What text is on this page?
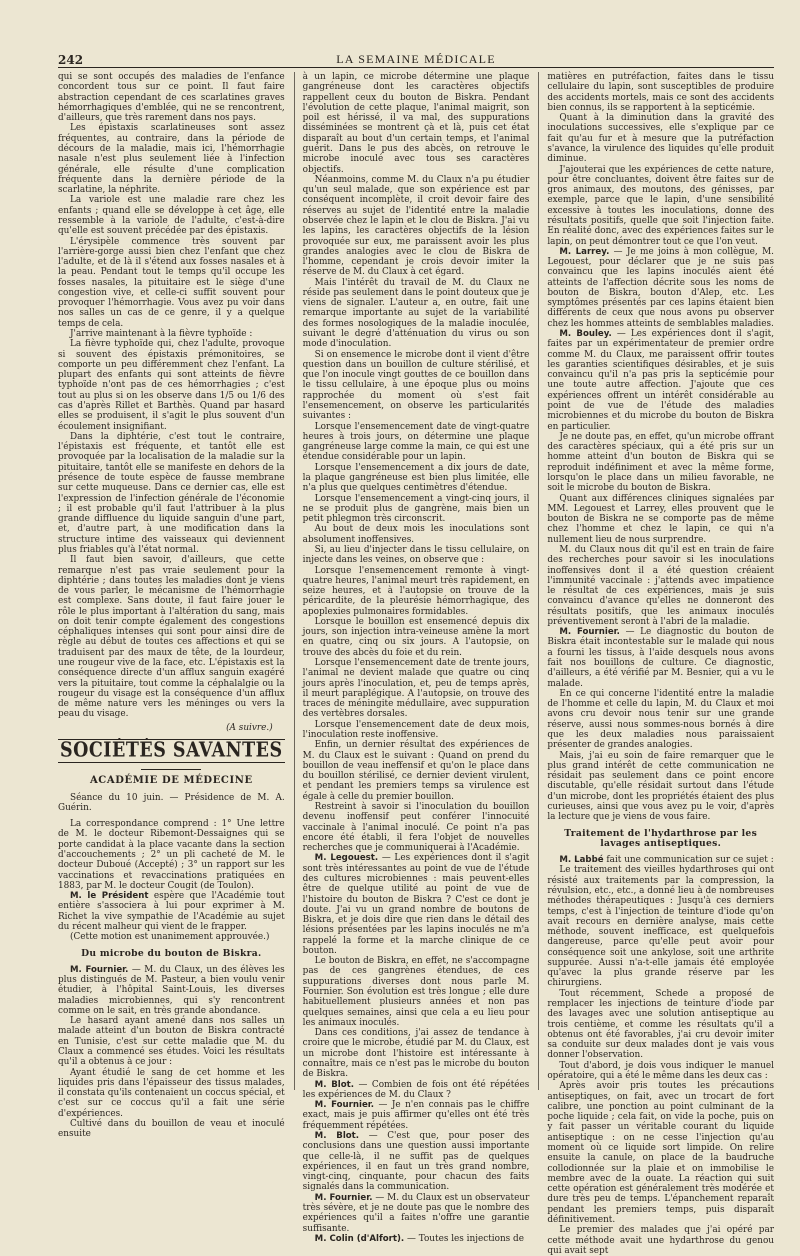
242	LA SEMAINE MÉDICALE

qui se sont occupés des maladies de l'enfance concordent tous sur ce point. Il faut faire abstraction cependant de ces scarlatines graves hémorrhagiques d'emblée, qui ne se rencontrent, d'ailleurs, que très rarement dans nos pays.

Les épistaxis scarlatineuses sont assez fréquentes, au contraire, dans la période de décours de la maladie, mais ici, l'hémorrhagie nasale n'est plus seulement liée à l'infection générale, elle résulte d'une complication fréquente dans la dernière période de la scarlatine, la néphrite.

La variole est une maladie rare chez les enfants ; quand elle se développe à cet âge, elle ressemble à la variole de l'adulte, c'est-à-dire qu'elle est souvent précédée par des épistaxis.

L'érysipèle commence très souvent par l'arrière-gorge aussi bien chez l'enfant que chez l'adulte, et de là il s'étend aux fosses nasales et à la peau. Pendant tout le temps qu'il occupe les fosses nasales, la pituitaire est le siège d'une congestion vive, et celle-ci suffit souvent pour provoquer l'hémorrhagie. Vous avez pu voir dans nos salles un cas de ce genre, il y a quelque temps de cela.

J'arrive maintenant à la fièvre typhoïde :

La fièvre typhoïde qui, chez l'adulte, provoque si souvent des épistaxis prémonitoires, se comporte un peu différemment chez l'enfant. La plupart des enfants qui sont atteints de fièvre typhoïde n'ont pas de ces hémorrhagies ; c'est tout au plus si on les observe dans 1/5 ou 1/6 des cas d'après Rillet et Barthès. Quand par hasard elles se produisent, il s'agit le plus souvent d'un écoulement insignifiant.

Dans la diphtérie, c'est tout le contraire, l'épistaxis est fréquente, et tantôt elle est provoquée par la localisation de la maladie sur la pituitaire, tantôt elle se manifeste en dehors de la présence de toute espèce de fausse membrane sur cette muqueuse. Dans ce dernier cas, elle est l'expression de l'infection générale de l'économie ; il est probable qu'il faut l'attribuer à la plus grande diffluence du liquide sanguin d'une part, et, d'autre part, à une modification dans la structure intime des vaisseaux qui deviennent plus friables qu'à l'état normal.

Il faut bien savoir, d'ailleurs, que cette remarque n'est pas vraie seulement pour la diphtérie ; dans toutes les maladies dont je viens de vous parler, le mécanisme de l'hémorrhagie est complexe. Sans doute, il faut faire jouer le rôle le plus important à l'altération du sang, mais on doit tenir compte également des congestions céphaliques intenses qui sont pour ainsi dire de règle au début de toutes ces affections et qui se traduisent par des maux de tête, de la lourdeur, une rougeur vive de la face, etc. L'épistaxis est la conséquence directe d'un afflux sanguin exagéré vers la pituitaire, tout comme la céphalalgie ou la rougeur du visage est la conséquence d'un afflux de même nature vers les méninges ou vers la peau du visage.

(A suivre.)

SOCIÉTÉS SAVANTES

ACADÉMIE DE MÉDECINE

Séance du 10 juin. — Présidence de M. A. Guérin.

La correspondance comprend : 1° Une lettre de M. le docteur Ribemont-Dessaignes qui se porte candidat à la place vacante dans la section d'accouchements ; 2° un pli cacheté de M. le docteur Duboué (Accepté) ; 3° un rapport sur les vaccinations et revaccinations pratiquées en 1883, par M. le docteur Cougit (de Toulon).

M. le Président espère que l'Académie tout entière s'associera à lui pour exprimer à M. Richet la vive sympathie de l'Académie au sujet du récent malheur qui vient de le frapper.

(Cette motion est unanimement approuvée.)

Du microbe du bouton de Biskra.

M. Fournier. — M. du Claux, un des élèves les plus distingués de M. Pasteur, a bien voulu venir étudier, à l'hôpital Saint-Louis, les diverses maladies microbiennes, qui s'y rencontrent comme on le sait, en très grande abondance.

Le hasard ayant amené dans nos salles un malade atteint d'un bouton de Biskra contracté en Tunisie, c'est sur cette maladie que M. du Claux a commencé ses études. Voici les résultats qu'il a obtenus à ce jour :

Ayant étudié le sang de cet homme et les liquides pris dans l'épaisseur des tissus malades, il constata qu'ils contenaient un coccus spécial, et c'est sur ce coccus qu'il a fait une série d'expériences.

Cultivé dans du bouillon de veau et inoculé ensuite

à un lapin, ce microbe détermine une plaque gangréneuse dont les caractères objectifs rappellent ceux du bouton de Biskra. Pendant l'évolution de cette plaque, l'animal maigrit, son poil est hérissé, il va mal, des suppurations disséminées se montrent çà et là, puis cet état disparaît au bout d'un certain temps, et l'animal guérit. Dans le pus des abcès, on retrouve le microbe inoculé avec tous ses caractères objectifs.

Néanmoins, comme M. du Claux n'a pu étudier qu'un seul malade, que son expérience est par conséquent incomplète, il croit devoir faire des réserves au sujet de l'identité entre la maladie observée chez le lapin et le clou de Biskra. J'ai vu les lapins, les caractères objectifs de la lésion provoquée sur eux, me paraissent avoir les plus grandes analogies avec le clou de Biskra de l'homme, cependant je crois devoir imiter la réserve de M. du Claux à cet égard.

Mais l'intérêt du travail de M. du Claux ne réside pas seulement dans le point douteux que je viens de signaler. L'auteur a, en outre, fait une remarque importante au sujet de la variabilité des formes nosologiques de la maladie inoculée, suivant le degré d'atténuation du virus ou son mode d'inoculation.

Si on ensemence le microbe dont il vient d'être question dans un bouillon de culture stérilisé, et que l'on inocule vingt gouttes de ce bouillon dans le tissu cellulaire, à une époque plus ou moins rapprochée du moment où s'est fait l'ensemencement, on observe les particularités suivantes :

Lorsque l'ensemencement date de vingt-quatre heures à trois jours, on détermine une plaque gangréneuse large comme la main, ce qui est une étendue considérable pour un lapin.

Lorsque l'ensemencement a dix jours de date, la plaque gangréneuse est bien plus limitée, elle n'a plus que quelques centimètres d'étendue.

Lorsque l'ensemencement a vingt-cinq jours, il ne se produit plus de gangrène, mais bien un petit phlegmon très circonscrit.

Au bout de deux mois les inoculations sont absolument inoffensives.

Si, au lieu d'injecter dans le tissu cellulaire, on injecte dans les veines, on observe que :

Lorsque l'ensemencement remonte à vingt-quatre heures, l'animal meurt très rapidement, en seize heures, et à l'autopsie on trouve de la péricardite, de la pleurésie hémorrhagique, des apoplexies pulmonaires formidables.

Lorsque le bouillon est ensemencé depuis dix jours, son injection intra-veineuse amène la mort en quatre, cinq ou six jours. A l'autopsie, on trouve des abcès du foie et du rein.

Lorsque l'ensemencement date de trente jours, l'animal ne devient malade que quatre ou cinq jours après l'inoculation, et, peu de temps après, il meurt paraplégique. A l'autopsie, on trouve des traces de méningite médullaire, avec suppuration des vertèbres dorsales.

Lorsque l'ensemencement date de deux mois, l'inoculation reste inoffensive.

Enfin, un dernier résultat des expériences de M. du Claux est le suivant : Quand on prend du bouillon de veau ineffensif et qu'on le place dans du bouillon stérilisé, ce dernier devient virulent, et pendant les premiers temps sa virulence est égale à celle du premier bouillon.

Restreint à savoir si l'inoculation du bouillon devenu inoffensif peut conférer l'innocuité vaccinale à l'animal inoculé. Ce point n'a pas encore été établi, il fera l'objet de nouvelles recherches que je communiquerai à l'Académie.

M. Legouest. — Les expériences dont il s'agit sont très intéressantes au point de vue de l'étude des cultures microbiennes : mais peuvent-elles être de quelque utilité au point de vue de l'histoire du bouton de Biskra ? C'est ce dont je doute. J'ai vu un grand nombre de boutons de Biskra, et je dois dire que rien dans le détail des lésions présentées par les lapins inoculés ne m'a rappelé la forme et la marche clinique de ce bouton.

Le bouton de Biskra, en effet, ne s'accompagne pas de ces gangrènes étendues, de ces suppurations diverses dont nous parle M. Fournier. Son évolution est très longue ; elle dure habituellement plusieurs années et non pas quelques semaines, ainsi que cela a eu lieu pour les animaux inoculés.

Dans ces conditions, j'ai assez de tendance à croire que le microbe, étudié par M. du Claux, est un microbe dont l'histoire est intéressante à connaître, mais ce n'est pas le microbe du bouton de Biskra.

M. Blot. — Combien de fois ont été répétées les expériences de M. du Claux ?

M. Fournier. — Je n'en connais pas le chiffre exact, mais je puis affirmer qu'elles ont été très fréquemment répétées.

M. Blot. — C'est que, pour poser des conclusions dans une question aussi importante que celle-là, il ne suffit pas de quelques expériences, il en faut un très grand nombre, vingt-cinq, cinquante, pour chacun des faits signalés dans la communication.

M. Fournier. — M. du Claux est un observateur très sévère, et je ne doute pas que le nombre des expériences qu'il a faites n'offre une garantie suffisante.

M. Colin (d'Alfort). — Toutes les injections de

matières en putréfaction, faites dans le tissu cellulaire du lapin, sont susceptibles de produire des accidents mortels, mais ce sont des accidents bien connus, ils se rapportent à la septicémie.

Quant à la diminution dans la gravité des inoculations successives, elle s'explique par ce fait qu'au fur et à mesure que la putréfaction s'avance, la virulence des liquides qu'elle produit diminue.

J'ajouterai que les expériences de cette nature, pour être concluantes, doivent être faites sur de gros animaux, des moutons, des génisses, par exemple, parce que le lapin, d'une sensibilité excessive à toutes les inoculations, donne des résultats positifs, quelle que soit l'injection faite. En réalité donc, avec des expériences faites sur le lapin, on peut démontrer tout ce que l'on veut.

M. Larrey. — Je me joins à mon collègue, M. Legouest, pour déclarer que je ne suis pas convaincu que les lapins inoculés aient été atteints de l'affection décrite sous les noms de bouton de Biskra, bouton d'Alep, etc. Les symptômes présentés par ces lapins étaient bien différents de ceux que nous avons pu observer chez les hommes atteints de semblables maladies.

M. Bouley. — Les expériences dont il s'agit, faites par un expérimentateur de premier ordre comme M. du Claux, me paraissent offrir toutes les garanties scientifiques désirables, et je suis convaincu qu'il n'a pas pris la septicémie pour une toute autre affection. J'ajoute que ces expériences offrent un intérêt considérable au point de vue de l'étude des maladies microbiennes et du microbe du bouton de Biskra en particulier.

Je ne doute pas, en effet, qu'un microbe offrant des caractères spéciaux, qui a été pris sur un homme atteint d'un bouton de Biskra qui se reproduit indéfiniment et avec la même forme, lorsqu'on le place dans un milieu favorable, ne soit le microbe du bouton de Biskra.

Quant aux différences cliniques signalées par MM. Legouest et Larrey, elles prouvent que le bouton de Biskra ne se comporte pas de même chez l'homme et chez le lapin, ce qui n'a nullement lieu de nous surprendre.

M. du Claux nous dit qu'il est en train de faire des recherches pour savoir si les inoculations inoffensives dont il a été question créaient l'immunité vaccinale : j'attends avec impatience le résultat de ces expériences, mais je suis convaincu d'avance qu'elles ne donneront des résultats positifs, que les animaux inoculés préventivement seront à l'abri de la maladie.

M. Fournier. — Le diagnostic du bouton de Biskra était incontestable sur le malade qui nous a fourni les tissus, à l'aide desquels nous avons fait nos bouillons de culture. Ce diagnostic, d'ailleurs, a été vérifié par M. Besnier, qui a vu le malade.

En ce qui concerne l'identité entre la maladie de l'homme et celle du lapin, M. du Claux et moi avons cru devoir nous tenir sur une grande réserve, aussi nous sommes-nous bornés à dire que les deux maladies nous paraissaient présenter de grandes analogies.

Mais, j'ai eu soin de faire remarquer que le plus grand intérêt de cette communication ne résidait pas seulement dans ce point encore discutable, qu'elle résidait surtout dans l'étude d'un microbe, dont les propriétés étaient des plus curieuses, ainsi que vous avez pu le voir, d'après la lecture que je viens de vous faire.

Traitement de l'hydarthrose par les lavages antiseptiques.

M. Labbé fait une communication sur ce sujet :

Le traitement des vieilles hydarthroses qui ont résisté aux traitements par la compression, la révulsion, etc., etc., a donné lieu à de nombreuses méthodes thérapeutiques : Jusqu'à ces derniers temps, c'est à l'injection de teinture d'iode qu'on avait recours en dernière analyse, mais cette méthode, souvent inefficace, est quelquefois dangereuse, parce qu'elle peut avoir pour conséquence soit une ankylose, soit une arthrite suppurée. Aussi n'a-t-elle jamais été employée qu'avec la plus grande réserve par les chirurgiens.

Tout récemment, Schede a proposé de remplacer les injections de teinture d'iode par des lavages avec une solution antiseptique au trois centième, et comme les résultats qu'il a obtenus ont été favorables, j'ai cru devoir imiter sa conduite sur deux malades dont je vais vous donner l'observation.

Tout d'abord, je dois vous indiquer le manuel opératoire, qui a été le même dans les deux cas :

Après avoir pris toutes les précautions antiseptiques, on fait, avec un trocart de fort calibre, une ponction au point culminant de la poche liquide ; cela fait, on vide la poche, puis on y fait passer un véritable courant du liquide antiseptique : on ne cesse l'injection qu'au moment où ce liquide sort limpide. On relire ensuite la canule, on place de la baudruche collodionnée sur la plaie et on immobilise le membre avec de la ouate. La réaction qui suit cette opération est généralement très modérée et dure très peu de temps. L'épanchement reparaît pendant les premiers temps, puis disparaît définitivement.

Le premier des malades que j'ai opéré par cette méthode avait une hydarthrose du genou qui avait sept
